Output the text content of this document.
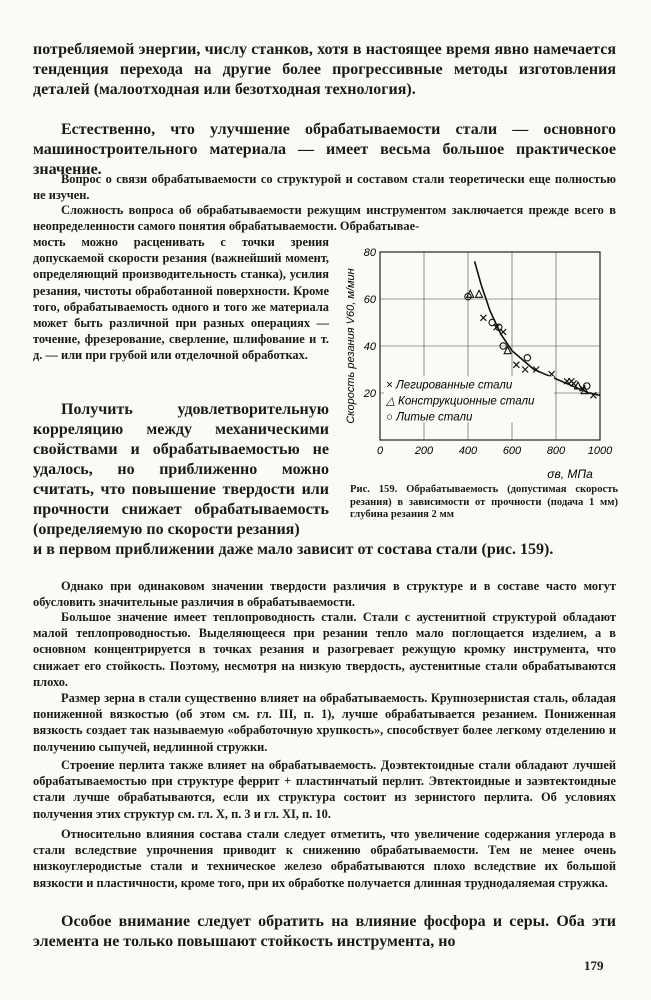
потребляемой энергии, числу станков, хотя в настоящее время явно намечается тенденция перехода на другие более прогрессивные методы изготовления деталей (малоотходная или безотходная технология).
Естественно, что улучшение обрабатываемости стали — основного машиностроительного материала — имеет весьма большое практическое значение.
Вопрос о связи обрабатываемости со структурой и составом стали теоретически еще полностью не изучен.
Сложность вопроса об обрабатываемости режущим инструментом заключается прежде всего в неопределенности самого понятия обрабатываемости. Обрабатывае-
мость можно расценивать с точки зрения допускаемой скорости резания (важнейший момент, определяющий производительность станка), усилия резания, чистоты обработанной поверхности. Кроме того, обрабатываемость одного и того же материала может быть различной при разных операциях — точение, фрезерование, сверление, шлифование и т. д. — или при грубой или отделочной обработках.
Получить удовлетворительную корреляцию между механическими свойствами и обрабатываемостью не удалось, но приближенно можно считать, что повышение твердости или прочности снижает обрабатываемость (определяемую по скорости резания)
и в первом приближении даже мало зависит от состава стали (рис. 159).
0	200 400 600 800 1000
20
40
60
80
σв, МПа
Скорость резания V60, м/мин	× Легированные стали
△ Конструкционные стали
○ Литые стали
Рис. 159. Обрабатываемость (допустимая скорость резания) в зависимости от прочности (подача 1 мм) глубина резания 2 мм
Однако при одинаковом значении твердости различия в структуре и в составе часто могут обусловить значительные различия в обрабатываемости.
Большое значение имеет теплопроводность стали. Стали с аустенитной структурой обладают малой теплопроводностью. Выделяющееся при резании тепло мало поглощается изделием, а в основном концентрируется в точках резания и разогревает режущую кромку инструмента, что снижает его стойкость. Поэтому, несмотря на низкую твердость, аустенитные стали обрабатываются плохо.
Размер зерна в стали существенно влияет на обрабатываемость. Крупнозернистая сталь, обладая пониженной вязкостью (об этом см. гл. III, п. 1), лучше обрабатывается резанием. Пониженная вязкость создает так называемую «обработочную хрупкость», способствует более легкому отделению и получению сыпучей, недлинной стружки.
Строение перлита также влияет на обрабатываемость. Доэвтектоидные стали обладают лучшей обрабатываемостью при структуре феррит + пластинчатый перлит. Эвтектоидные и заэвтектоидные стали лучше обрабатываются, если их структура состоит из зернистого перлита. Об условиях получения этих структур см. гл. X, п. 3 и гл. XI, п. 10.
Относительно влияния состава стали следует отметить, что увеличение содержания углерода в стали вследствие упрочнения приводит к снижению обрабатываемости. Тем не менее очень низкоуглеродистые стали и техническое железо обрабатываются плохо вследствие их большой вязкости и пластичности, кроме того, при их обработке получается длинная труднодаляемая стружка.
Особое внимание следует обратить на влияние фосфора и серы. Оба эти элемента не только повышают стойкость инструмента, но
179
